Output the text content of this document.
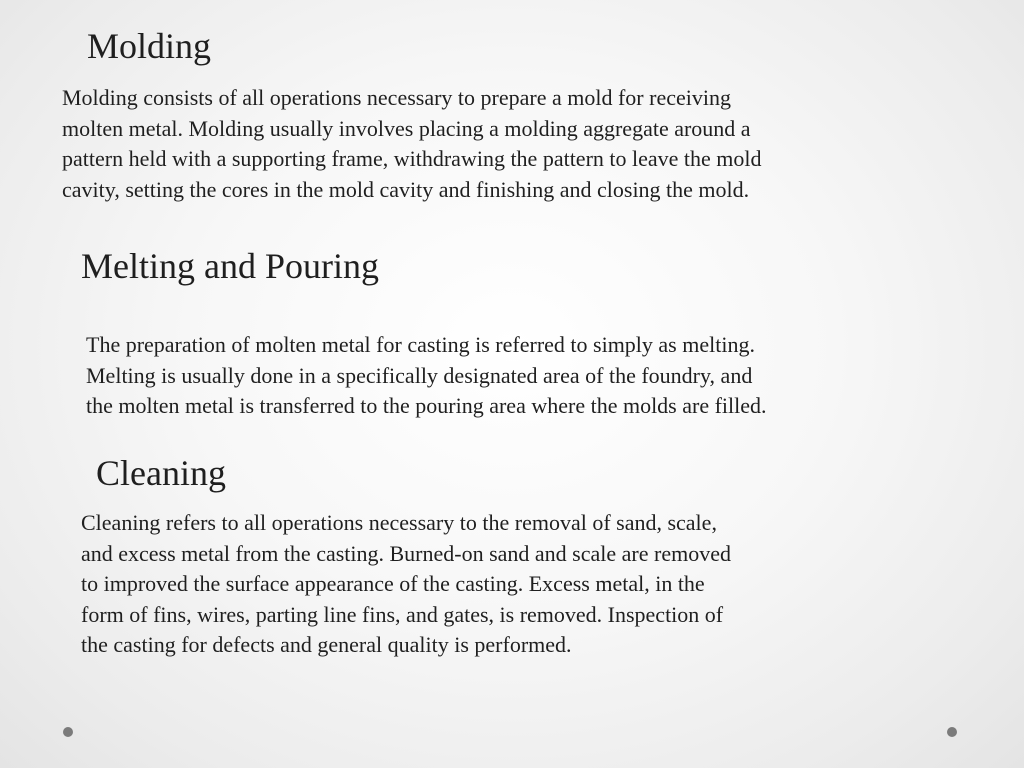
Molding

Molding consists of all operations necessary to prepare a mold for receiving
molten metal. Molding usually involves placing a molding aggregate around a
pattern held with a supporting frame, withdrawing the pattern to leave the mold
cavity, setting the cores in the mold cavity and finishing and closing the mold.

Melting and Pouring

The preparation of molten metal for casting is referred to simply as melting.
Melting is usually done in a specifically designated area of the foundry, and
the molten metal is transferred to the pouring area where the molds are filled.

Cleaning

Cleaning refers to all operations necessary to the removal of sand, scale,
and excess metal from the casting. Burned-on sand and scale are removed
to improved the surface appearance of the casting. Excess metal, in the
form of fins, wires, parting line fins, and gates, is removed. Inspection of
the casting for defects and general quality is performed.
